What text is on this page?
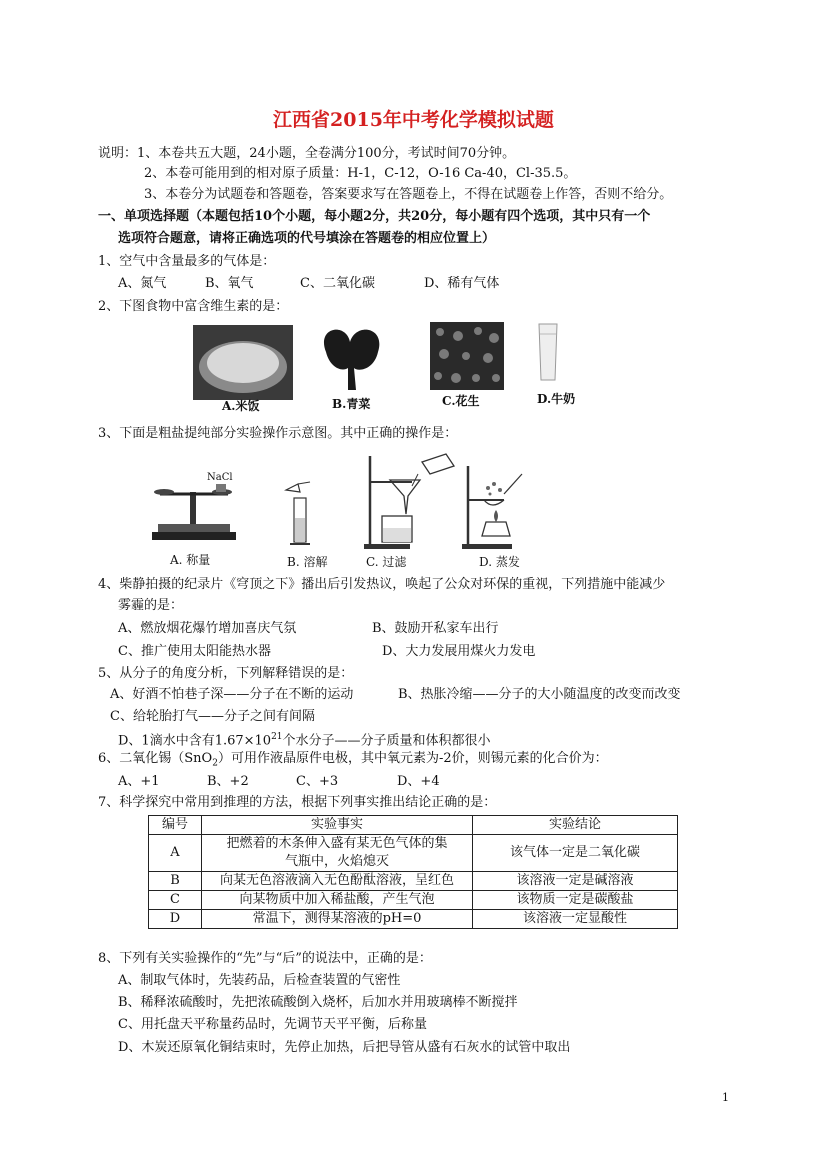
江西省2015年中考化学模拟试题
说明：1、本卷共五大题，24小题，全卷满分100分，考试时间70分钟。
2、本卷可能用到的相对原子质量：H-1，C-12，O-16 Ca-40，Cl-35.5。
3、本卷分为试题卷和答题卷，答案要求写在答题卷上，不得在试题卷上作答，否则不给分。
一、单项选择题（本题包括10个小题，每小题2分，共20分，每小题有四个选项，其中只有一个
选项符合题意，请将正确选项的代号填涂在答题卷的相应位置上）
1、空气中含量最多的气体是：
A、氮气	B、氧气	C、二氧化碳	D、稀有气体
2、下图食物中富含维生素的是：
A.米饭	B.青菜	C.花生	D.牛奶
3、下面是粗盐提纯部分实验操作示意图。其中正确的操作是：
NaCl
A. 称量	B. 溶解	C. 过滤	D. 蒸发
4、柴静拍摄的纪录片《穹顶之下》播出后引发热议，唤起了公众对环保的重视，下列措施中能减少
雾霾的是：
A、燃放烟花爆竹增加喜庆气氛	B、鼓励开私家车出行
C、推广使用太阳能热水器	D、大力发展用煤火力发电
5、从分子的角度分析，下列解释错误的是：
A、好酒不怕巷子深——分子在不断的运动	B、热胀冷缩——分子的大小随温度的改变而改变
C、给轮胎打气——分子之间有间隔
D、1滴水中含有$1.67\times 10^{21}$个水分子——分子质量和体积都很小
6、二氧化锡（SnO$_2$）可用作液晶原件电极，其中氧元素为-2价，则锡元素的化合价为：
A、+1	B、+2	C、+3	D、+4
7、科学探究中常用到推理的方法，根据下列事实推出结论正确的是：
编号	实验事实	实验结论
A	把燃着的木条伸入盛有某无色气体的集
气瓶中，火焰熄灭	该气体一定是二氧化碳
B	向某无色溶液滴入无色酚酞溶液，呈红色	该溶液一定是碱溶液
C	向某物质中加入稀盐酸，产生气泡	该物质一定是碳酸盐
D	常温下，测得某溶液的pH=0	该溶液一定显酸性
8、下列有关实验操作的“先”与“后”的说法中，正确的是：
A、制取气体时，先装药品，后检查装置的气密性
B、稀释浓硫酸时，先把浓硫酸倒入烧杯，后加水并用玻璃棒不断搅拌
C、用托盘天平称量药品时，先调节天平平衡，后称量
D、木炭还原氧化铜结束时，先停止加热，后把导管从盛有石灰水的试管中取出
1
